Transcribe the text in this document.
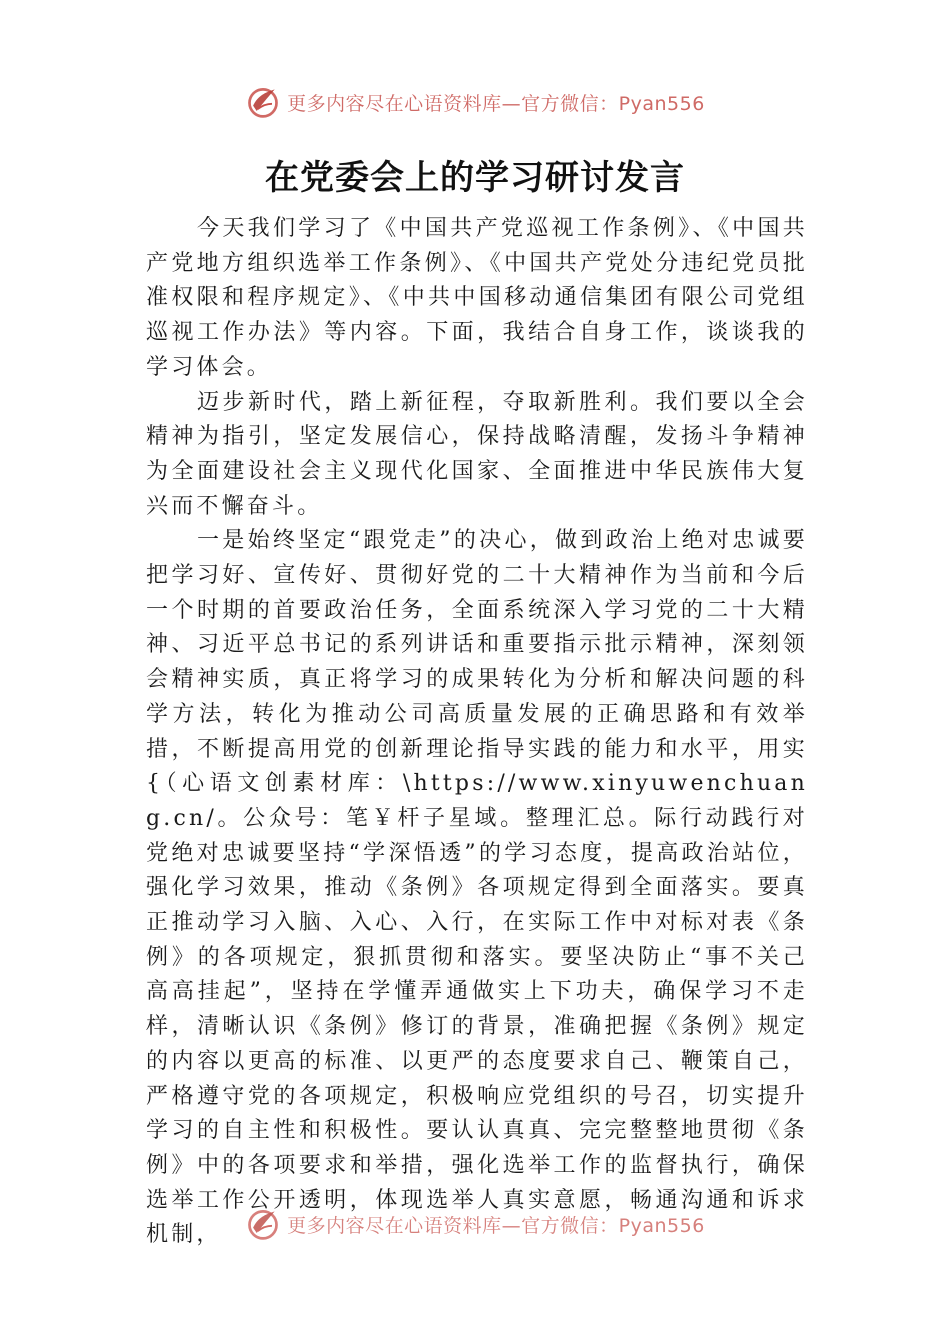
更多内容尽在心语资料库—官方微信：Pyan556
在党委会上的学习研讨发言

今天我们学习了《中国共产党巡视工作条例》、《中国共产党地方组织选举工作条例》、《中国共产党处分违纪党员批准权限和程序规定》、《中共中国移动通信集团有限公司党组巡视工作办法》等内容。下面，我结合自身工作，谈谈我的学习体会。

迈步新时代，踏上新征程，夺取新胜利。我们要以全会精神为指引，坚定发展信心，保持战略清醒，发扬斗争精神为全面建设社会主义现代化国家、全面推进中华民族伟大复兴而不懈奋斗。

一是始终坚定“跟党走”的决心，做到政治上绝对忠诚要把学习好、宣传好、贯彻好党的二十大精神作为当前和今后一个时期的首要政治任务，全面系统深入学习党的二十大精神、习近平总书记的系列讲话和重要指示批示精神，深刻领会精神实质，真正将学习的成果转化为分析和解决问题的科学方法，转化为推动公司高质量发展的正确思路和有效举措，不断提高用党的创新理论指导实践的能力和水平，用实{（心语文创素材库：\https://www.xinyuwenchuang.cn/。公众号：笔￥杆子星域。整理汇总。际行动践行对党绝对忠诚要坚持“学深悟透”的学习态度，提高政治站位，强化学习效果，推动《条例》各项规定得到全面落实。要真正推动学习入脑、入心、入行，在实际工作中对标对表《条例》的各项规定，狠抓贯彻和落实。要坚决防止“事不关己高高挂起”，坚持在学懂弄通做实上下功夫，确保学习不走样，清晰认识《条例》修订的背景，准确把握《条例》规定的内容以更高的标准、以更严的态度要求自己、鞭策自己，严格遵守党的各项规定，积极响应党组织的号召，切实提升学习的自主性和积极性。要认认真真、完完整整地贯彻《条例》中的各项要求和举措，强化选举工作的监督执行，确保选举工作公开透明，体现选举人真实意愿，畅通沟通和诉求机制，	更多内容尽在心语资料库—官方微信：Pyan556
